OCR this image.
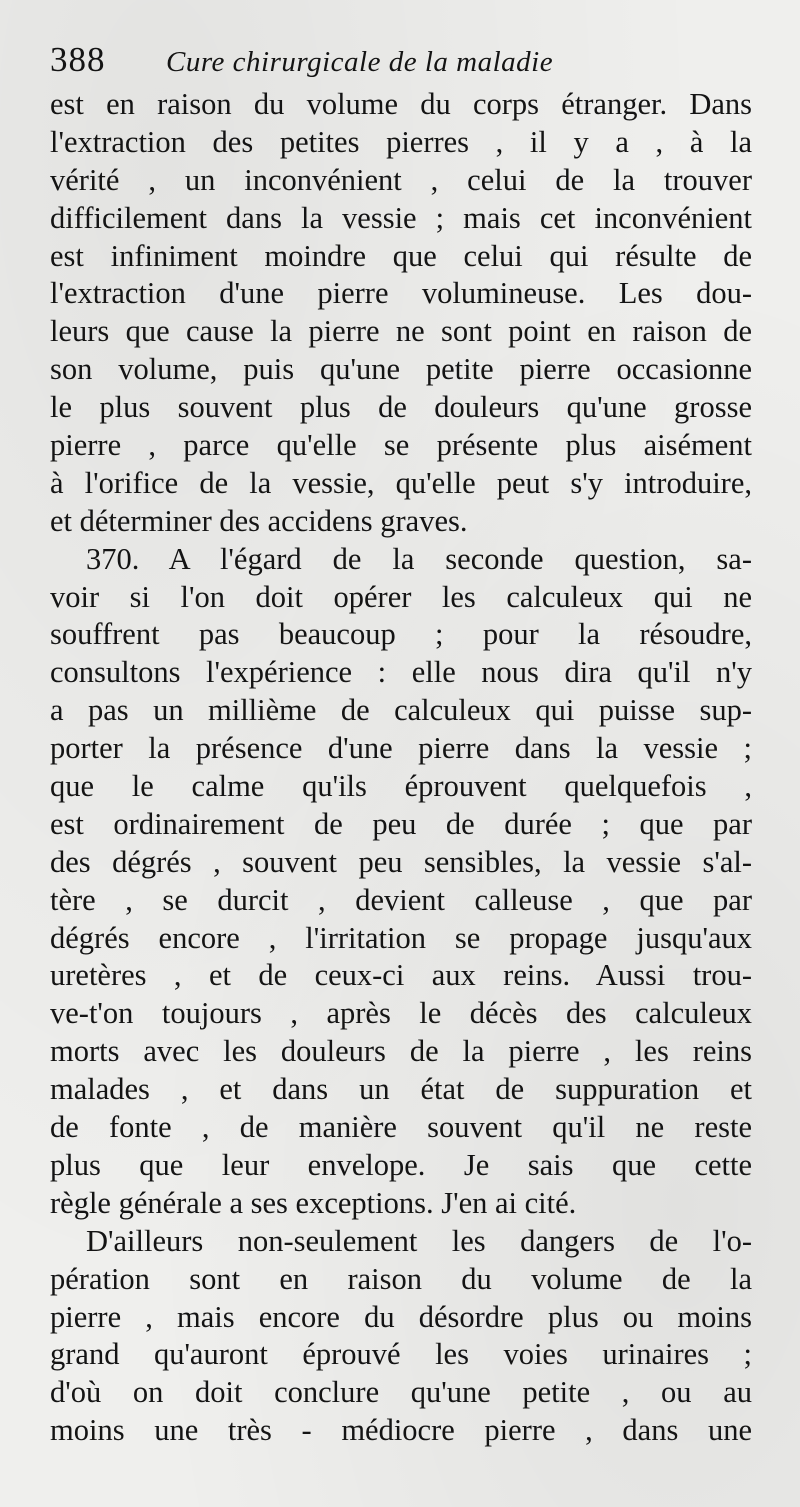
388	Cure chirurgicale de la maladie
est en raison du volume du corps étranger. Dans
l'extraction des petites pierres , il y a , à la
vérité , un inconvénient , celui de la trouver
difficilement dans la vessie ; mais cet inconvénient
est infiniment moindre que celui qui résulte de
l'extraction d'une pierre volumineuse. Les dou-
leurs que cause la pierre ne sont point en raison de
son volume, puis qu'une petite pierre occasionne
le plus souvent plus de douleurs qu'une grosse
pierre , parce qu'elle se présente plus aisément
à l'orifice de la vessie, qu'elle peut s'y introduire,
et déterminer des accidens graves.
370. A l'égard de la seconde question, sa-
voir si l'on doit opérer les calculeux qui ne
souffrent pas beaucoup ; pour la résoudre,
consultons l'expérience : elle nous dira qu'il n'y
a pas un millième de calculeux qui puisse sup-
porter la présence d'une pierre dans la vessie ;
que le calme qu'ils éprouvent quelquefois ,
est ordinairement de peu de durée ; que par
des dégrés , souvent peu sensibles, la vessie s'al-
tère , se durcit , devient calleuse , que par
dégrés encore , l'irritation se propage jusqu'aux
uretères , et de ceux-ci aux reins. Aussi trou-
ve-t'on toujours , après le décès des calculeux
morts avec les douleurs de la pierre , les reins
malades , et dans un état de suppuration et
de fonte , de manière souvent qu'il ne reste
plus que leur envelope. Je sais que cette
règle générale a ses exceptions. J'en ai cité.
D'ailleurs non-seulement les dangers de l'o-
pération sont en raison du volume de la
pierre , mais encore du désordre plus ou moins
grand qu'auront éprouvé les voies urinaires ;
d'où on doit conclure qu'une petite , ou au
moins une très - médiocre pierre , dans une
